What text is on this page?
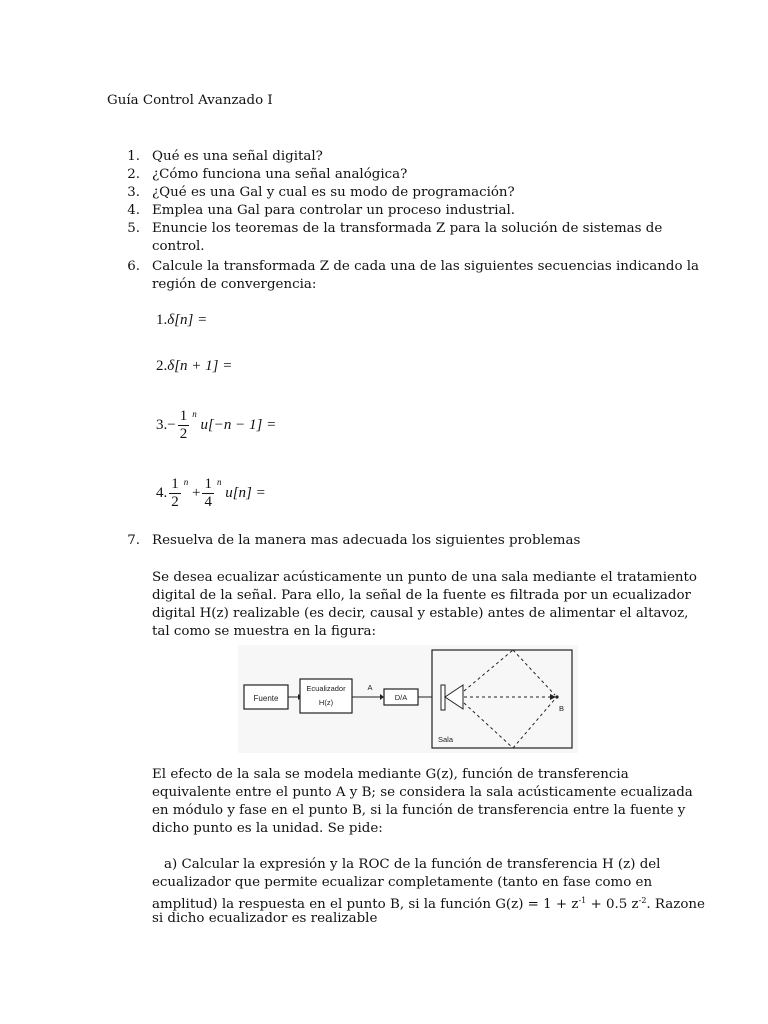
Guía Control Avanzado I
1. Qué es una señal digital?
2. ¿Cómo funciona una señal analógica?
3. ¿Qué es una Gal y cual es su modo de programación?
4. Emplea una Gal para controlar un proceso industrial.
5. Enuncie los teoremas de la transformada Z para la solución de sistemas de
control.
6. Calcule la transformada Z de cada una de las siguientes secuencias indicando la
región de convergencia:
1.δ[n] =
2.δ[n + 1] =
$3.- \frac{1}{2} ^n$ u[−n − 1] =
4. $\frac{1}{2} ^n + \frac{1}{4} ^n$ u[n] =
7. Resuelva de la manera mas adecuada los siguientes problemas
Se desea ecualizar acústicamente un punto de una sala mediante el tratamiento
digital de la señal. Para ello, la señal de la fuente es filtrada por un ecualizador
digital H(z) realizable (es decir, causal y estable) antes de alimentar el altavoz,
tal como se muestra en la figura:
Fuente
Ecualizador
H(z)
A
D/A
Sala
B
El efecto de la sala se modela mediante G(z), función de transferencia
equivalente entre el punto A y B; se considera la sala acústicamente ecualizada
en módulo y fase en el punto B, si la función de transferencia entre la fuente y
dicho punto es la unidad. Se pide:
a) Calcular la expresión y la ROC de la función de transferencia H (z) del
ecualizador que permite ecualizar completamente (tanto en fase como en
amplitud) la respuesta en el punto B, si la función $G(z) = 1 + z^{-1} + 0.5$ $z^{-2}$. Razone
si dicho ecualizador es realizable
